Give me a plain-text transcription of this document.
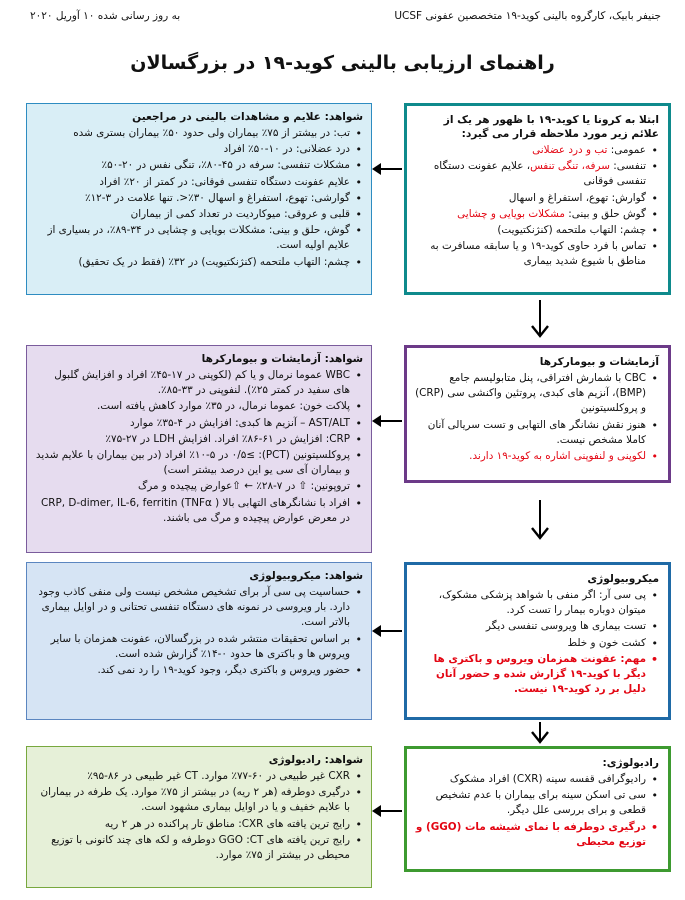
به روز رسانی شده ۱۰ آوریل ۲۰۲۰	جنیفر بابیک، کارگروه بالینی کوید-۱۹ متخصصین عفونی UCSF
راهنمای ارزیابی بالینی کوید-۱۹ در بزرگسالان
ابتلا به کرونا یا کوید-۱۹ با ظهور هر یک از علائم زیر مورد ملاحظه قرار می گیرد:
• عمومی: تب و درد عضلانی
• تنفسی: سرفه، تنگی تنفس، علایم عفونت دستگاه تنفسی فوقانی
• گوارش: تهوع، استفراغ و اسهال
• گوش حلق و بینی: مشکلات بویایی و چشایی
• چشم: التهاب ملتحمه (کنژنکتیویت)
• تماس با فرد حاوی کوید-۱۹ و یا سابقه مسافرت به مناطق با شیوع شدید بیماری
شواهد: علایم و مشاهدات بالینی در مراجعین
• تب: در بیشتر از ۷۵٪ بیماران ولی حدود ۵۰٪ بیماران بستری شده
• درد عضلانی: در ۱۰-۵۰٪ افراد
• مشکلات تنفسی: سرفه در ۴۵-۸۰٪، تنگی نفس در ۲۰-۵۰٪
• علایم عفونت دستگاه تنفسی فوقانی: در کمتر از ۲۰٪ افراد
• گوارشی: تهوع، استفراغ و اسهال ۳۰٪<. تنها علامت در ۳-۱۲٪
• قلبی و عروقی: میوکاردیت در تعداد کمی از بیماران
• گوش، حلق و بینی: مشکلات بویایی و چشایی در ۳۴-۸۹٪، در بسیاری از علایم اولیه است.
• چشم: التهاب ملتحمه (کنژنکتیویت) در ۳۲٪ (فقط در یک تحقیق)
آزمایشات و بیومارکرها
• CBC با شمارش افتراقی، پنل متابولیسم جامع (BMP)، آنزیم های کبدی، پروتئین واکنشی سی (CRP) و پروکلسیتونین
• هنوز نقش نشانگر های التهابی و تست سریالی آنان کاملا مشخص نیست.
• لکوپنی و لنفوپنی اشاره به کوید-۱۹ دارند.
شواهد: آزمایشات و بیومارکرها
• WBC عموما نرمال و یا کم (لکوپنی در ۱۷-۴۵٪ افراد و افزایش گلبول های سفید در کمتر ۲۵٪). لنفوپنی در ۳۳-۸۵٪.
• پلاکت خون: عموما نرمال، در ۳۵٪ موارد کاهش یافته است.
• AST/ALT – آنزیم ها کبدی: افزایش در ۴-۳۵٪ موارد
• CRP: افزایش در ۶۱-۸۶٪ افراد. افزایش LDH در ۲۷-۷۵٪
• پروکلسیتونین (PCT): ≥۰/۵ در ۵-۱۰٪ افراد (در بین بیماران با علایم شدید و بیماران آی سی یو این درصد بیشتر است)
• تروپونین: ⇧ در ۷-۲۸٪ ← ⇧عوارض پیچیده و مرگ
• افراد با نشانگرهای التهابی بالا ( CRP, D-dimer, IL-6, ferritin (TNFα در معرض عوارض پیچیده و مرگ می باشند.
میکروبیولوژی
• پی سی آر: اگر منفی با شواهد پزشکی مشکوک، میتوان دوباره بیمار را تست کرد.
• تست بیماری ها ویروسی تنفسی دیگر
• کشت خون و خلط
• مهم: عفونت همزمان ویروس و باکتری ها دیگر با کوید-۱۹ گزارش شده و حضور آنان دلیل بر رد کوید-۱۹ نیست.
شواهد: میکروبیولوژی
• حساسیت پی سی آر برای تشخیص مشخص نیست ولی منفی کاذب وجود دارد. بار ویروسی در نمونه های دستگاه تنفسی تحتانی و در اوایل بیماری بالاتر است.
• بر اساس تحقیقات منتشر شده در بزرگسالان، عفونت همزمان با سایر ویروس ها و باکتری ها حدود ۰-۱۴٪ گزارش شده است.
• حضور ویروس و باکتری دیگر، وجود کوید-۱۹ را رد نمی کند.
رادیولوژی:
• رادیوگرافی قفسه سینه (CXR) افراد مشکوک
• سی تی اسکن سینه برای بیماران با عدم تشخیص قطعی و برای بررسی علل دیگر.
• درگیری دوطرفه با نمای شیشه مات (GGO) و توزیع محیطی
شواهد: رادیولوژی
• CXR غیر طبیعی در ۶۰-۷۷٪ موارد. CT غیر طبیعی در ۸۶-۹۵٪
• درگیری دوطرفه (هر ۲ ریه) در بیشتر از ۷۵٪ موارد. یک طرفه در بیماران با علایم خفیف و یا در اوایل بیماری مشهود است.
• رایج ترین یافته های CXR: مناطق تار پراکنده در هر ۲ ریه
• رایج ترین یافته های GGO :CT دوطرفه و لکه های چند کانونی با توزیع محیطی در بیشتر از ۷۵٪ موارد.
